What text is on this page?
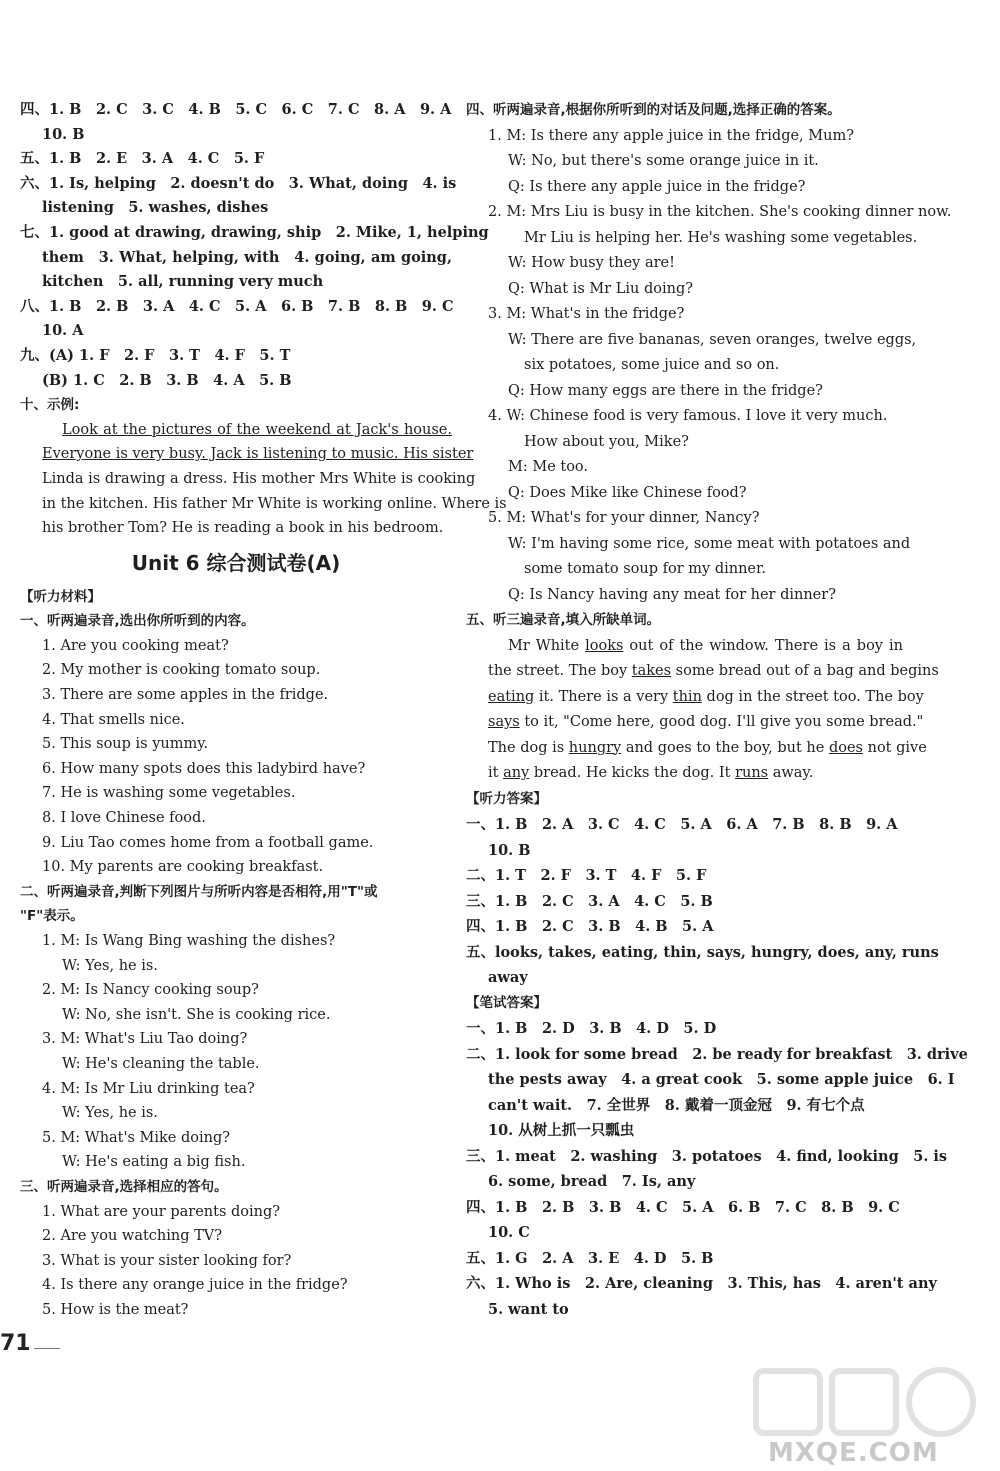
四、1. B　2. C　3. C　4. B　5. C　6. C　7. C　8. A　9. A
10. B
五、1. B　2. E　3. A　4. C　5. F
六、1. Is, helping　2. doesn't do　3. What, doing　4. is
listening　5. washes, dishes
七、1. good at drawing, drawing, ship　2. Mike, 1, helping
them　3. What, helping, with　4. going, am going,
kitchen　5. all, running very much
八、1. B　2. B　3. A　4. C　5. A　6. B　7. B　8. B　9. C
10. A
九、(A) 1. F　2. F　3. T　4. F　5. T
(B) 1. C　2. B　3. B　4. A　5. B
十、示例:
Look at the pictures of the weekend at Jack's house.
Everyone is very busy. Jack is listening to music. His sister
Linda is drawing a dress. His mother Mrs White is cooking
in the kitchen. His father Mr White is working online. Where is
his brother Tom? He is reading a book in his bedroom.
Unit 6 综合测试卷(A)
【听力材料】
一、听两遍录音,选出你所听到的内容。
1. Are you cooking meat?
2. My mother is cooking tomato soup.
3. There are some apples in the fridge.
4. That smells nice.
5. This soup is yummy.
6. How many spots does this ladybird have?
7. He is washing some vegetables.
8. I love Chinese food.
9. Liu Tao comes home from a football game.
10. My parents are cooking breakfast.
二、听两遍录音,判断下列图片与所听内容是否相符,用"T"或
"F"表示。
1. M: Is Wang Bing washing the dishes?
W: Yes, he is.
2. M: Is Nancy cooking soup?
W: No, she isn't. She is cooking rice.
3. M: What's Liu Tao doing?
W: He's cleaning the table.
4. M: Is Mr Liu drinking tea?
W: Yes, he is.
5. M: What's Mike doing?
W: He's eating a big fish.
三、听两遍录音,选择相应的答句。
1. What are your parents doing?
2. Are you watching TV?
3. What is your sister looking for?
4. Is there any orange juice in the fridge?
5. How is the meat?
四、听两遍录音,根据你所听到的对话及问题,选择正确的答案。
1. M: Is there any apple juice in the fridge, Mum?
W: No, but there's some orange juice in it.
Q: Is there any apple juice in the fridge?
2. M: Mrs Liu is busy in the kitchen. She's cooking dinner now.
Mr Liu is helping her. He's washing some vegetables.
W: How busy they are!
Q: What is Mr Liu doing?
3. M: What's in the fridge?
W: There are five bananas, seven oranges, twelve eggs,
six potatoes, some juice and so on.
Q: How many eggs are there in the fridge?
4. W: Chinese food is very famous. I love it very much.
How about you, Mike?
M: Me too.
Q: Does Mike like Chinese food?
5. M: What's for your dinner, Nancy?
W: I'm having some rice, some meat with potatoes and
some tomato soup for my dinner.
Q: Is Nancy having any meat for her dinner?
五、听三遍录音,填入所缺单词。
Mr White looks out of the window. There is a boy in
the street. The boy takes some bread out of a bag and begins
eating it. There is a very thin dog in the street too. The boy
says to it, "Come here, good dog. I'll give you some bread."
The dog is hungry and goes to the boy, but he does not give
it any bread. He kicks the dog. It runs away.
【听力答案】
一、1. B　2. A　3. C　4. C　5. A　6. A　7. B　8. B　9. A
10. B
二、1. T　2. F　3. T　4. F　5. F
三、1. B　2. C　3. A　4. C　5. B
四、1. B　2. C　3. B　4. B　5. A
五、looks, takes, eating, thin, says, hungry, does, any, runs
away
【笔试答案】
一、1. B　2. D　3. B　4. D　5. D
二、1. look for some bread　2. be ready for breakfast　3. drive
the pests away　4. a great cook　5. some apple juice　6. I
can't wait.　7. 全世界　8. 戴着一顶金冠　9. 有七个点
10. 从树上抓一只瓢虫
三、1. meat　2. washing　3. potatoes　4. find, looking　5. is
6. some, bread　7. Is, any
四、1. B　2. B　3. B　4. C　5. A　6. B　7. C　8. B　9. C
10. C
五、1. G　2. A　3. E　4. D　5. B
六、1. Who is　2. Are, cleaning　3. This, has　4. aren't any
5. want to
71
MXQE.COM
